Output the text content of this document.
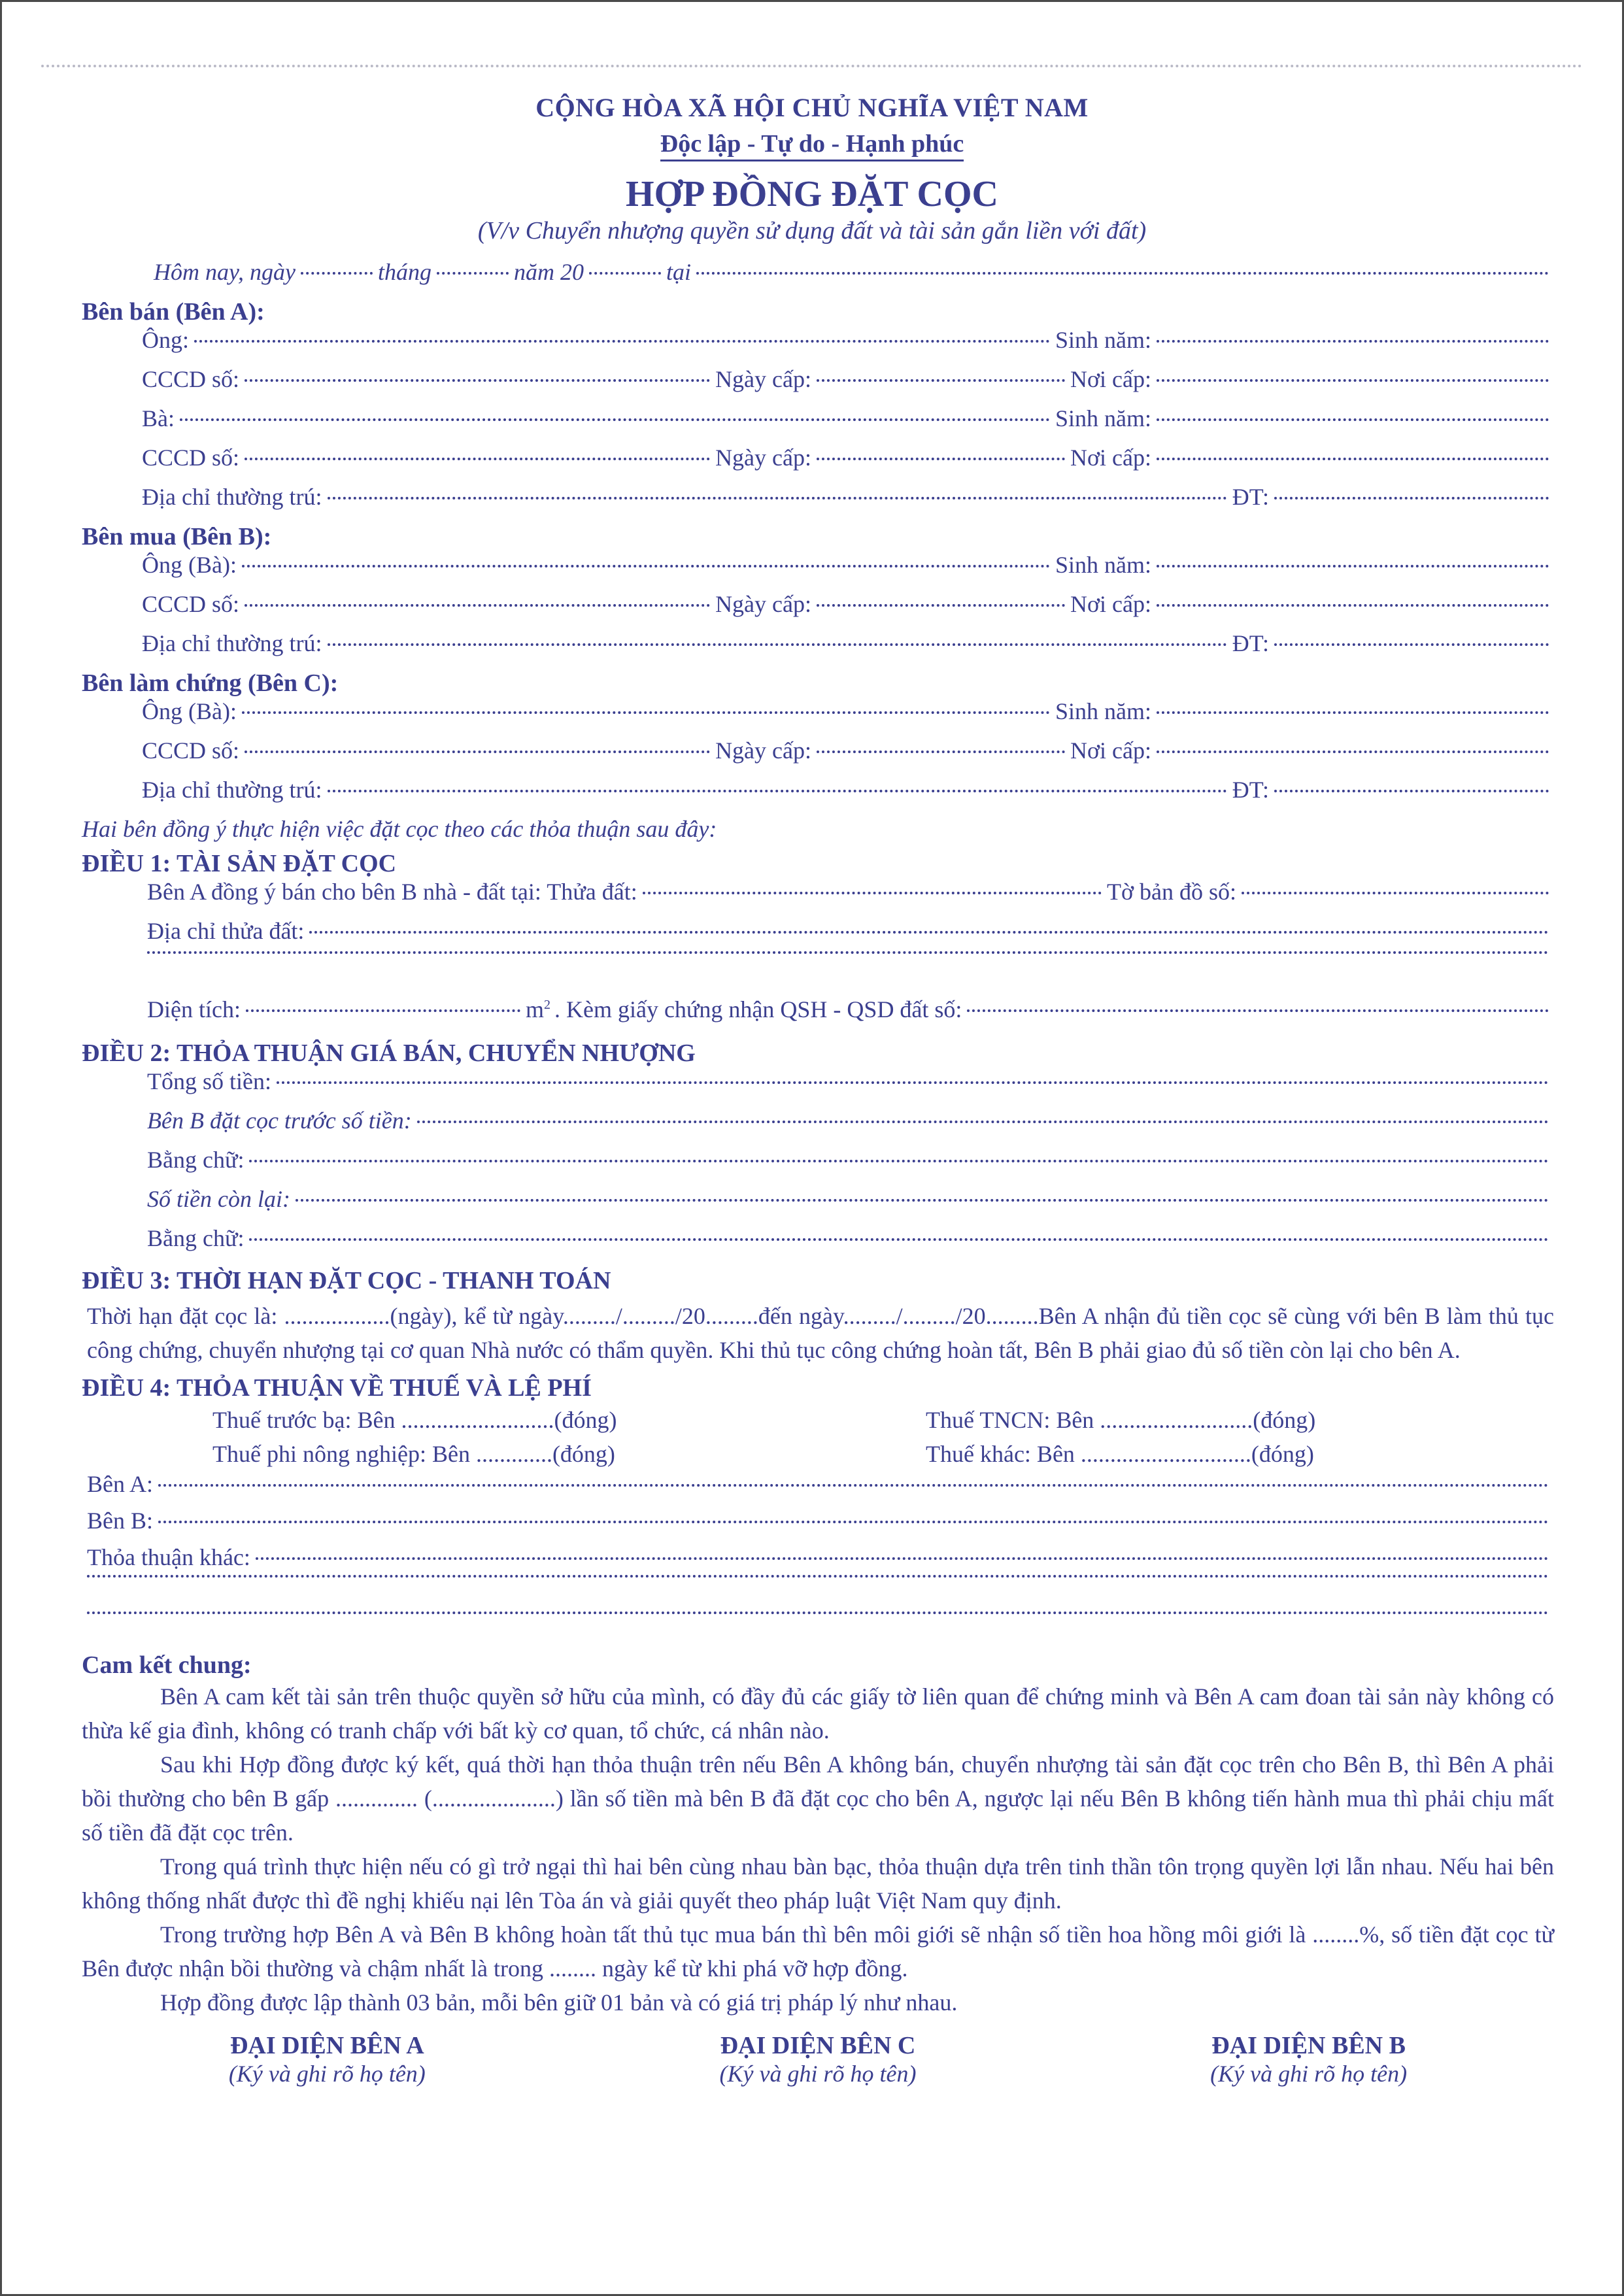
CỘNG HÒA XÃ HỘI CHỦ NGHĨA VIỆT NAM
Độc lập - Tự do - Hạnh phúc
HỢP ĐỒNG ĐẶT CỌC
(V/v Chuyển nhượng quyền sử dụng đất và tài sản gắn liền với đất)
Hôm nay, ngày	tháng	năm 20	tại
Bên bán (Bên A):
Ông:	Sinh năm:
CCCD số:	Ngày cấp:	Nơi cấp:
Bà:	Sinh năm:
CCCD số:	Ngày cấp:	Nơi cấp:
Địa chỉ thường trú:	ĐT:
Bên mua (Bên B):
Ông (Bà):	Sinh năm:
CCCD số:	Ngày cấp:	Nơi cấp:
Địa chỉ thường trú:	ĐT:
Bên làm chứng (Bên C):
Ông (Bà):	Sinh năm:
CCCD số:	Ngày cấp:	Nơi cấp:
Địa chỉ thường trú:	ĐT:
Hai bên đồng ý thực hiện việc đặt cọc theo các thỏa thuận sau đây:
ĐIỀU 1: TÀI SẢN ĐẶT CỌC
Bên A đồng ý bán cho bên B nhà - đất tại: Thửa đất:	Tờ bản đồ số:
Địa chỉ thửa đất:
Diện tích:	$m^2$ . Kèm giấy chứng nhận QSH - QSD đất số:
ĐIỀU 2: THỎA THUẬN GIÁ BÁN, CHUYỂN NHƯỢNG
Tổng số tiền:
Bên B đặt cọc trước số tiền:
Bằng chữ:
Số tiền còn lại:
Bằng chữ:
ĐIỀU 3: THỜI HẠN ĐẶT CỌC - THANH TOÁN
Thời hạn đặt cọc là: ..................(ngày), kể từ ngày........./........./20.........đến ngày........./........./20.........Bên A nhận đủ tiền cọc sẽ cùng với bên B làm thủ tục công chứng, chuyển nhượng tại cơ quan Nhà nước có thẩm quyền. Khi thủ tục công chứng hoàn tất, Bên B phải giao đủ số tiền còn lại cho bên A.
ĐIỀU 4: THỎA THUẬN VỀ THUẾ VÀ LỆ PHÍ
Thuế trước bạ: Bên ..........................(đóng)	Thuế TNCN: Bên ..........................(đóng)
Thuế phi nông nghiệp: Bên .............(đóng)	Thuế khác: Bên .............................(đóng)
Bên A:
Bên B:
Thỏa thuận khác:
Cam kết chung:
Bên A cam kết tài sản trên thuộc quyền sở hữu của mình, có đầy đủ các giấy tờ liên quan để chứng minh và Bên A cam đoan tài sản này không có thừa kế gia đình, không có tranh chấp với bất kỳ cơ quan, tổ chức, cá nhân nào.
Sau khi Hợp đồng được ký kết, quá thời hạn thỏa thuận trên nếu Bên A không bán, chuyển nhượng tài sản đặt cọc trên cho Bên B, thì Bên A phải bồi thường cho bên B gấp .............. (.....................) lần số tiền mà bên B đã đặt cọc cho bên A, ngược lại nếu Bên B không tiến hành mua thì phải chịu mất số tiền đã đặt cọc trên.
Trong quá trình thực hiện nếu có gì trở ngại thì hai bên cùng nhau bàn bạc, thỏa thuận dựa trên tinh thần tôn trọng quyền lợi lẫn nhau. Nếu hai bên không thống nhất được thì đề nghị khiếu nại lên Tòa án và giải quyết theo pháp luật Việt Nam quy định.
Trong trường hợp Bên A và Bên B không hoàn tất thủ tục mua bán thì bên môi giới sẽ nhận số tiền hoa hồng môi giới là ........%, số tiền đặt cọc từ Bên được nhận bồi thường và chậm nhất là trong ........ ngày kể từ khi phá vỡ hợp đồng.
Hợp đồng được lập thành 03 bản, mỗi bên giữ 01 bản và có giá trị pháp lý như nhau.
ĐẠI DIỆN BÊN A
(Ký và ghi rõ họ tên)
ĐẠI DIỆN BÊN C
(Ký và ghi rõ họ tên)
ĐẠI DIỆN BÊN B
(Ký và ghi rõ họ tên)
